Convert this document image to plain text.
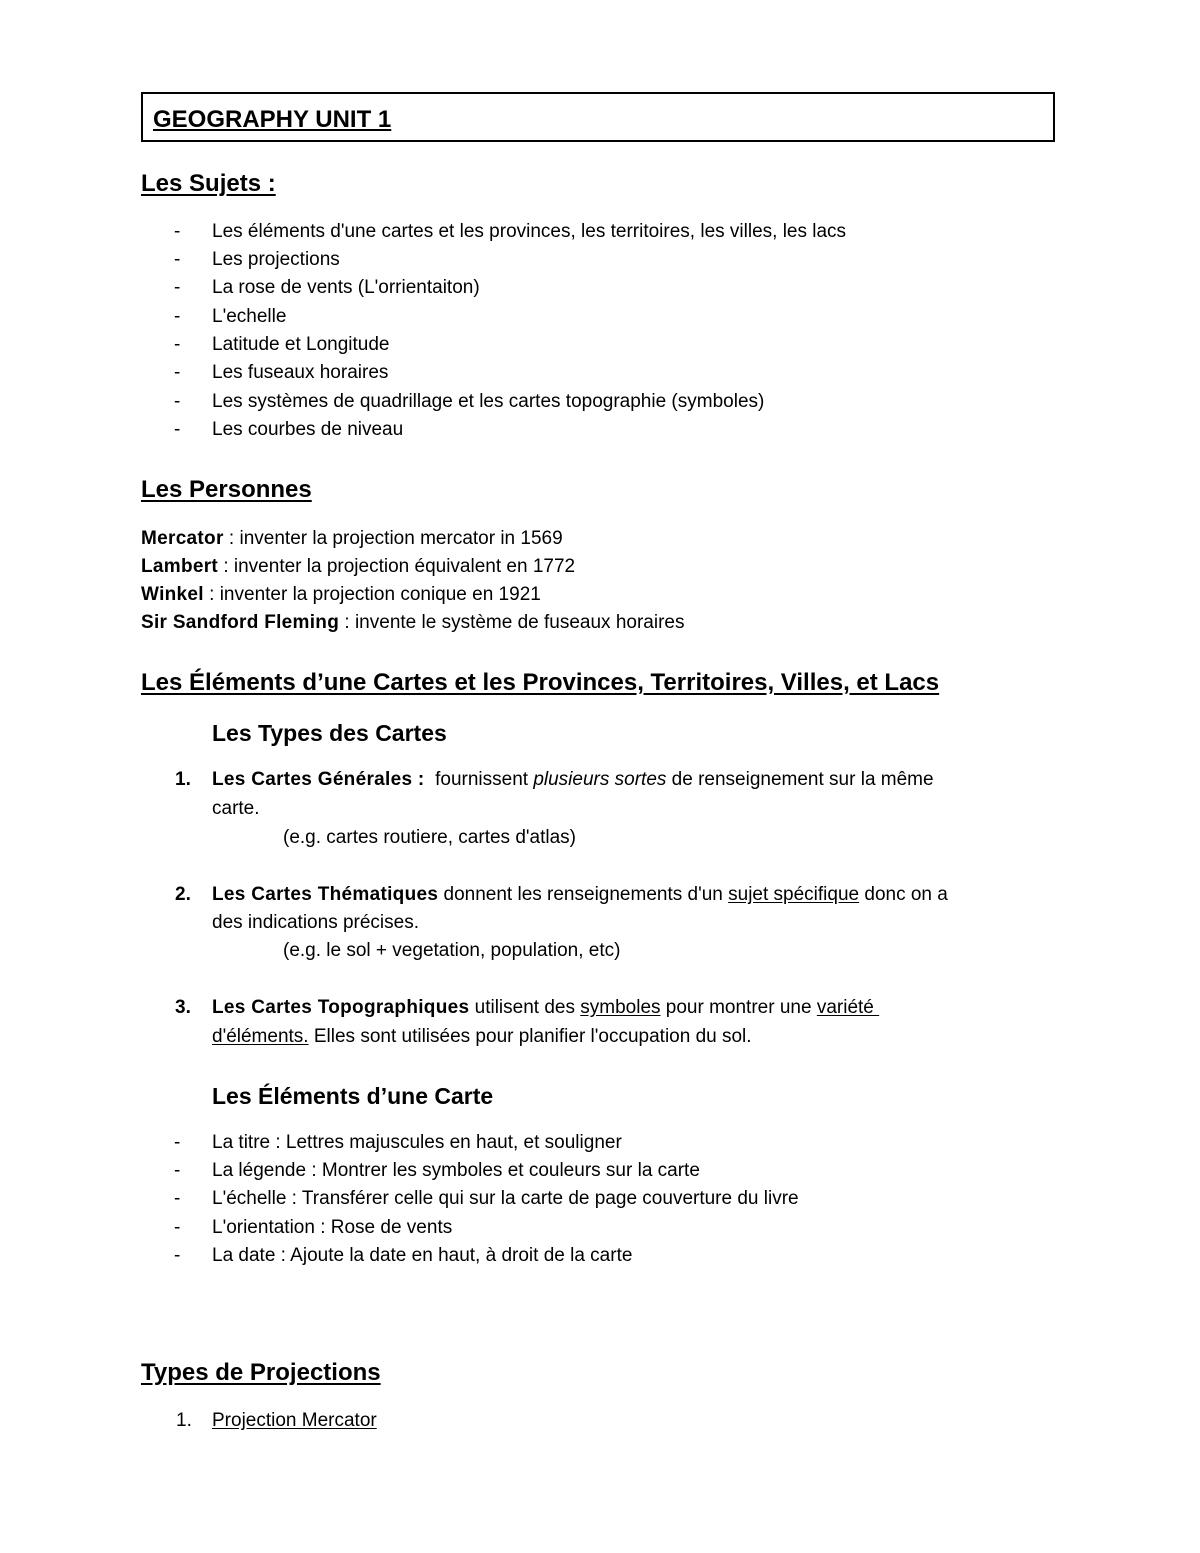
GEOGRAPHY UNIT 1
Les Sujets :
- Les éléments d'une cartes et les provinces, les territoires, les villes, les lacs
- Les projections
- La rose de vents (L'orrientaiton)
- L'echelle
- Latitude et Longitude
- Les fuseaux horaires
- Les systèmes de quadrillage et les cartes topographie (symboles)
- Les courbes de niveau
Les Personnes
Mercator : inventer la projection mercator in 1569
Lambert : inventer la projection équivalent en 1772
Winkel : inventer la projection conique en 1921
Sir Sandford Fleming : invente le système de fuseaux horaires
Les Éléments d’une Cartes et les Provinces, Territoires, Villes, et Lacs
Les Types des Cartes
1. Les Cartes Générales :  fournissent plusieurs sortes de renseignement sur la même
carte.
(e.g. cartes routiere, cartes d'atlas)
2. Les Cartes Thématiques donnent les renseignements d'un sujet spécifique donc on a
des indications précises.
(e.g. le sol + vegetation, population, etc)
3. Les Cartes Topographiques utilisent des symboles pour montrer une variété
d'éléments. Elles sont utilisées pour planifier l'occupation du sol.
Les Éléments d’une Carte
- La titre : Lettres majuscules en haut, et souligner
- La légende : Montrer les symboles et couleurs sur la carte
- L'échelle : Transférer celle qui sur la carte de page couverture du livre
- L'orientation : Rose de vents
- La date : Ajoute la date en haut, à droit de la carte
Types de Projections
1. Projection Mercator
